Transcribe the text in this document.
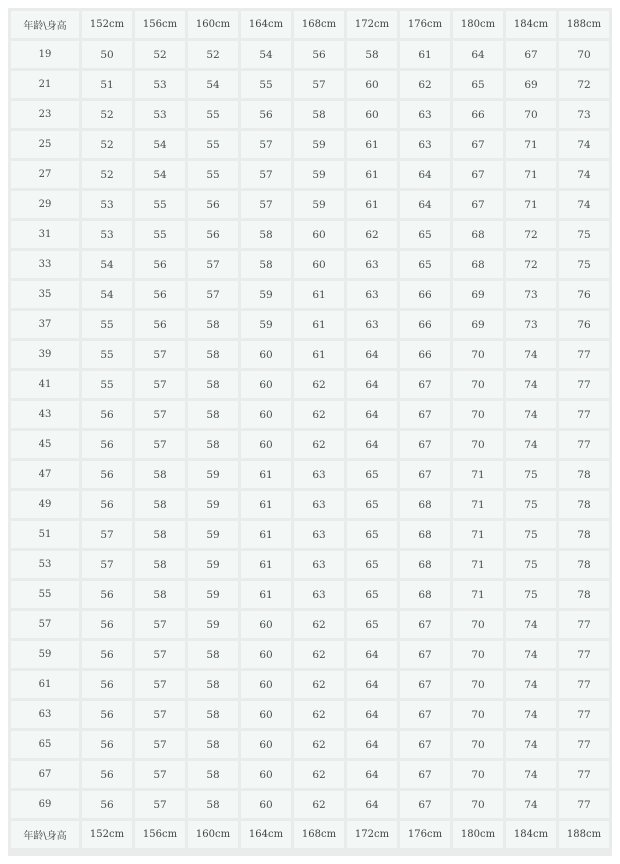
年龄\身高	152cm	156cm	160cm	164cm	168cm	172cm	176cm	180cm	184cm	188cm
19	50	52	52	54	56	58	61	64	67	70
21	51	53	54	55	57	60	62	65	69	72
23	52	53	55	56	58	60	63	66	70	73
25	52	54	55	57	59	61	63	67	71	74
27	52	54	55	57	59	61	64	67	71	74
29	53	55	56	57	59	61	64	67	71	74
31	53	55	56	58	60	62	65	68	72	75
33	54	56	57	58	60	63	65	68	72	75
35	54	56	57	59	61	63	66	69	73	76
37	55	56	58	59	61	63	66	69	73	76
39	55	57	58	60	61	64	66	70	74	77
41	55	57	58	60	62	64	67	70	74	77
43	56	57	58	60	62	64	67	70	74	77
45	56	57	58	60	62	64	67	70	74	77
47	56	58	59	61	63	65	67	71	75	78
49	56	58	59	61	63	65	68	71	75	78
51	57	58	59	61	63	65	68	71	75	78
53	57	58	59	61	63	65	68	71	75	78
55	56	58	59	61	63	65	68	71	75	78
57	56	57	59	60	62	65	67	70	74	77
59	56	57	58	60	62	64	67	70	74	77
61	56	57	58	60	62	64	67	70	74	77
63	56	57	58	60	62	64	67	70	74	77
65	56	57	58	60	62	64	67	70	74	77
67	56	57	58	60	62	64	67	70	74	77
69	56	57	58	60	62	64	67	70	74	77
年龄\身高	152cm	156cm	160cm	164cm	168cm	172cm	176cm	180cm	184cm	188cm
